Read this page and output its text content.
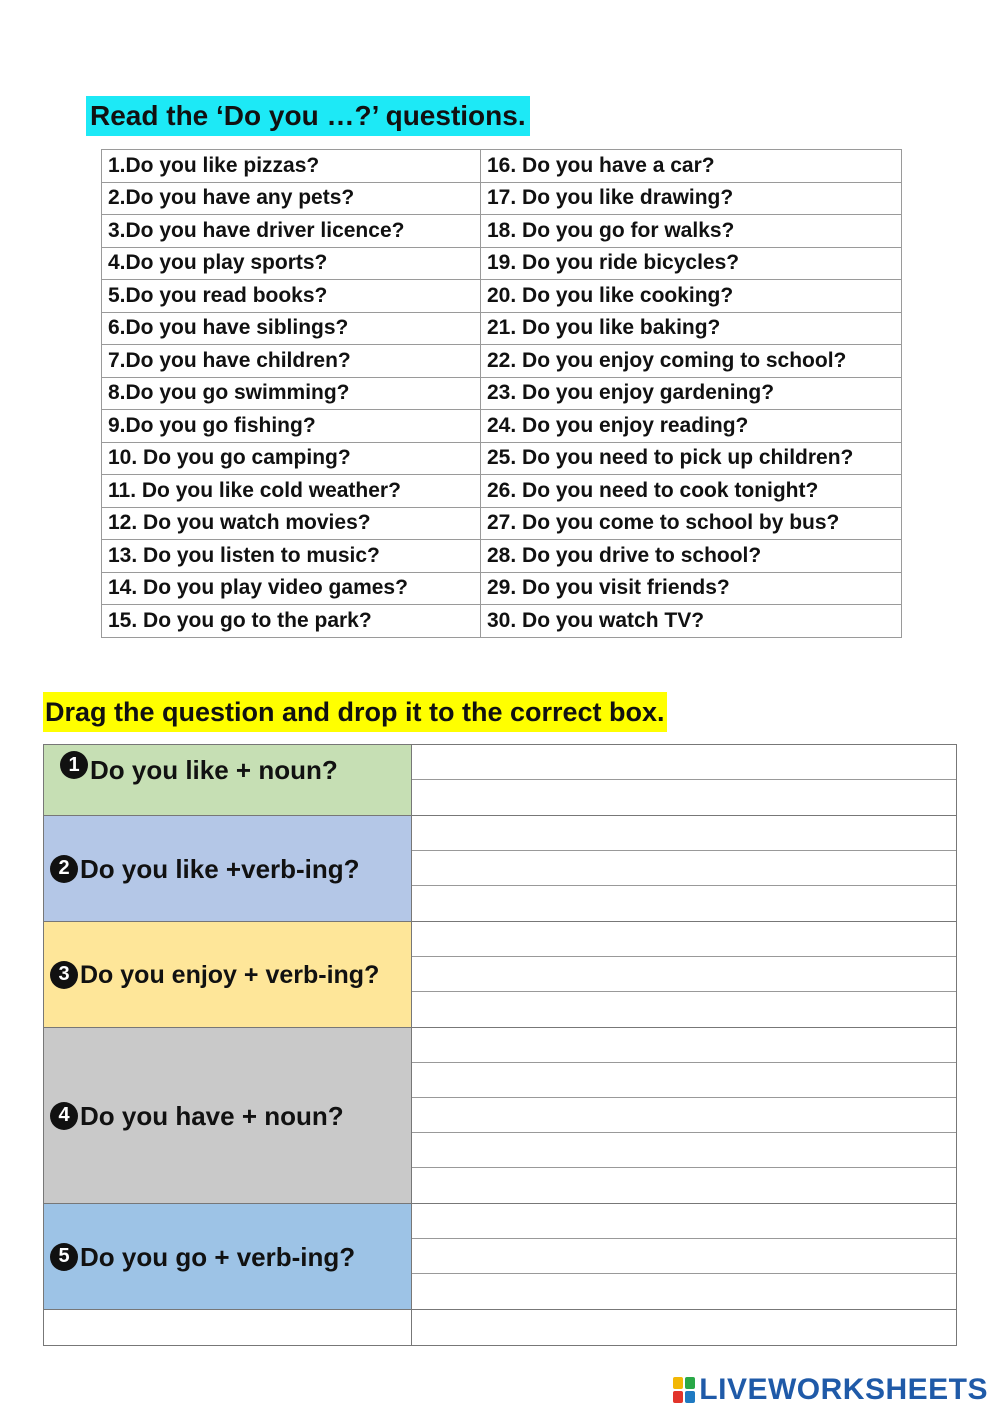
Read the ‘Do you …?’ questions.
1.Do you like pizzas?	16. Do you have a car?
2.Do you have any pets?	17. Do you like drawing?
3.Do you have driver licence?	18. Do you go for walks?
4.Do you play sports?	19. Do you ride bicycles?
5.Do you read books?	20. Do you like cooking?
6.Do you have siblings?	21. Do you like baking?
7.Do you have children?	22. Do you enjoy coming to school?
8.Do you go swimming?	23. Do you enjoy gardening?
9.Do you go fishing?	24. Do you enjoy reading?
10. Do you go camping?	25. Do you need to pick up children?
11. Do you like cold weather?	26. Do you need to cook tonight?
12. Do you watch movies?	27. Do you come to school by bus?
13. Do you listen to music?	28. Do you drive to school?
14. Do you play video games?	29. Do you visit friends?
15. Do you go to the park?	30. Do you watch TV?
Drag the question and drop it to the correct box.
1 Do you like + noun?
2 Do you like +verb-ing?
3 Do you enjoy + verb-ing?
4 Do you have + noun?
5 Do you go + verb-ing?
LIVEWORKSHEETS
